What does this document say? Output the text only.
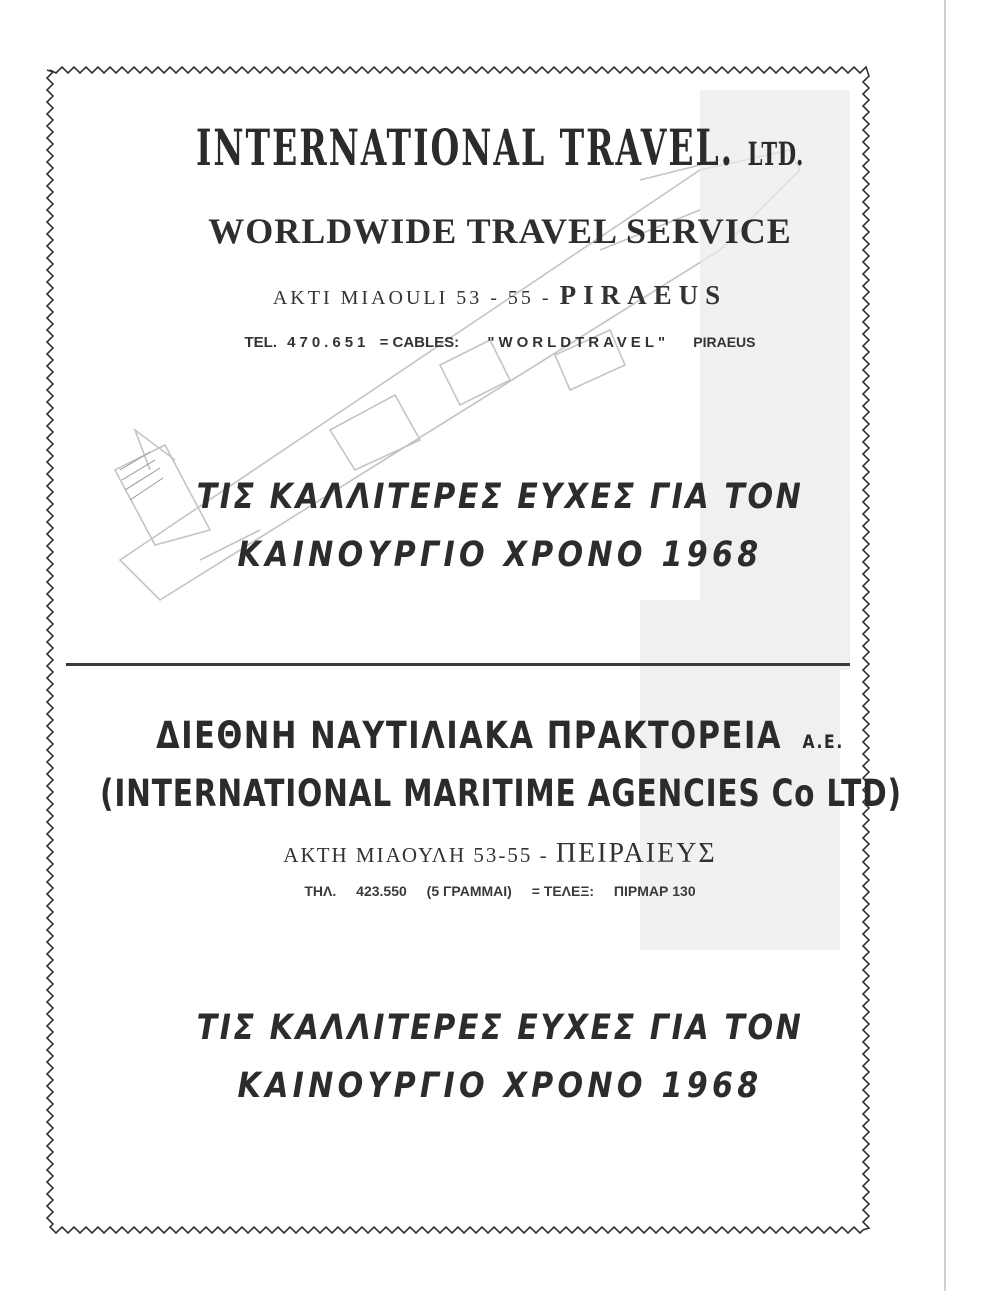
INTERNATIONAL TRAVEL. LTD.
WORLDWIDE TRAVEL SERVICE
AKTI MIAOULI 53 - 55 - PIRAEUS
TEL. 470.651 = CABLES: "WORLDTRAVEL" PIRAEUS
ΤΙΣ ΚΑΛΛΙΤΕΡΕΣ ΕΥΧΕΣ ΓΙΑ ΤΟΝ
ΚΑΙΝΟΥΡΓΙΟ ΧΡΟΝΟ 1968
ΔΙΕΘΝΗ ΝΑΥΤΙΛΙΑΚΑ ΠΡΑΚΤΟΡΕΙΑ A.E.
(INTERNATIONAL MARITIME AGENCIES Co LTD)
ΑΚΤΗ ΜΙΑΟΥΛΗ 53-55 - ΠΕΙΡΑΙΕΥΣ
ΤΗΛ. 423.550 (5 ΓΡΑΜΜΑΙ) = ΤΕΛΕΞ: ΠΙΡΜΑΡ 130
ΤΙΣ ΚΑΛΛΙΤΕΡΕΣ ΕΥΧΕΣ ΓΙΑ ΤΟΝ
ΚΑΙΝΟΥΡΓΙΟ ΧΡΟΝΟ 1968
